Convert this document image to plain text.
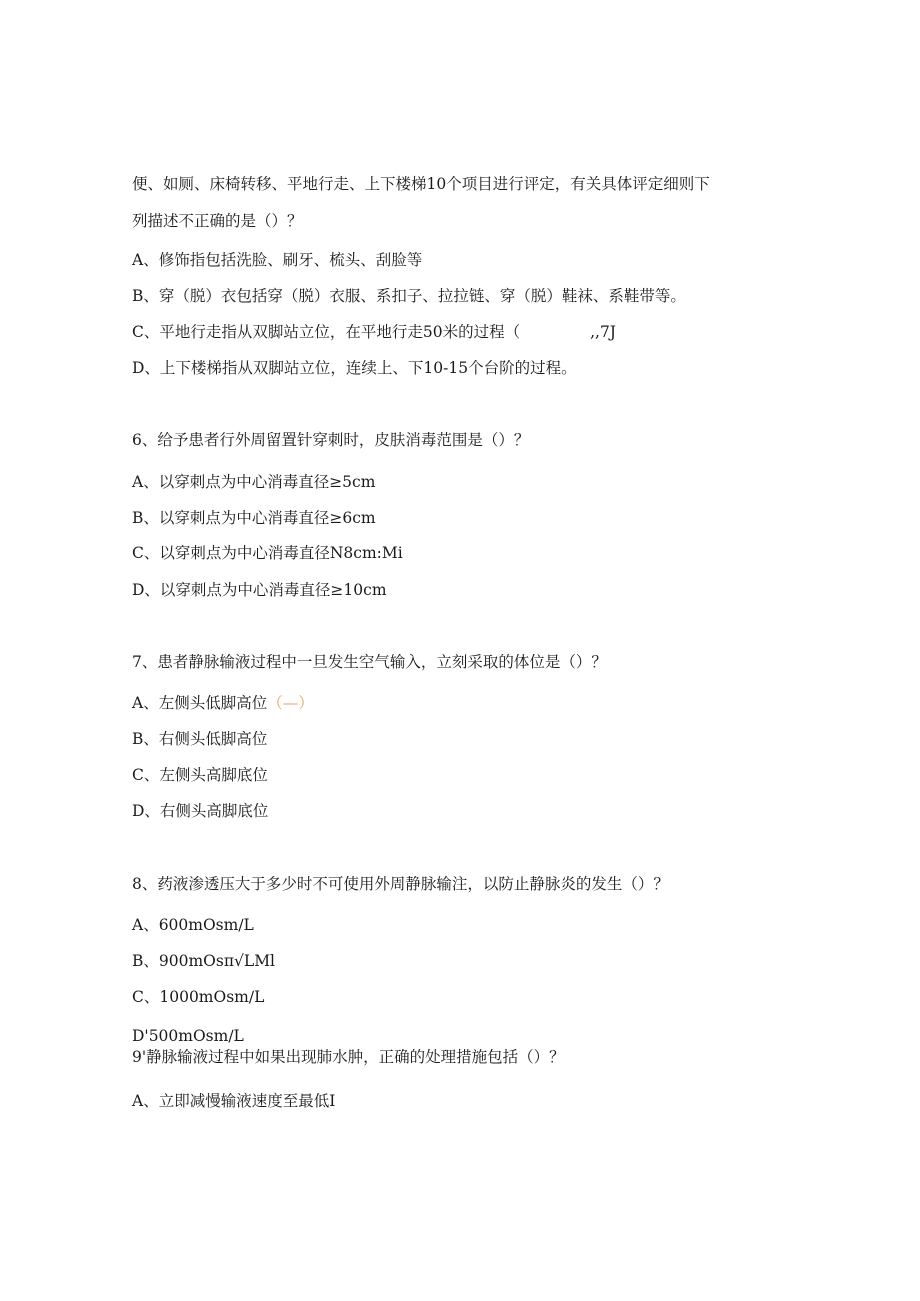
便、如厕、床椅转移、平地行走、上下楼梯10个项目进行评定，有关具体评定细则下
列描述不正确的是（）？
A、修饰指包括洗脸、刷牙、梳头、刮脸等
B、穿（脱）衣包括穿（脱）衣服、系扣子、拉拉链、穿（脱）鞋袜、系鞋带等。
C、平地行走指从双脚站立位，在平地行走50米的过程（	,,7J
D、上下楼梯指从双脚站立位，连续上、下10-15个台阶的过程。
6、给予患者行外周留置针穿刺时，皮肤消毒范围是（）？
A、以穿刺点为中心消毒直径≥5cm
B、以穿刺点为中心消毒直径≥6cm
C、以穿刺点为中心消毒直径N8cm:Mi
D、以穿刺点为中心消毒直径≥10cm
7、患者静脉输液过程中一旦发生空气输入，立刻采取的体位是（）？
A、左侧头低脚高位（—）
B、右侧头低脚高位
C、左侧头高脚底位
D、右侧头高脚底位
8、药液渗透压大于多少时不可使用外周静脉输注，以防止静脉炎的发生（）？
A、600mOsm∕L
B、900mOsπ√LMl
C、1000mOsm∕L
D'500mOsm∕L
9'静脉输液过程中如果出现肺水肿，正确的处理措施包括（）？
A、立即减慢输液速度至最低I
